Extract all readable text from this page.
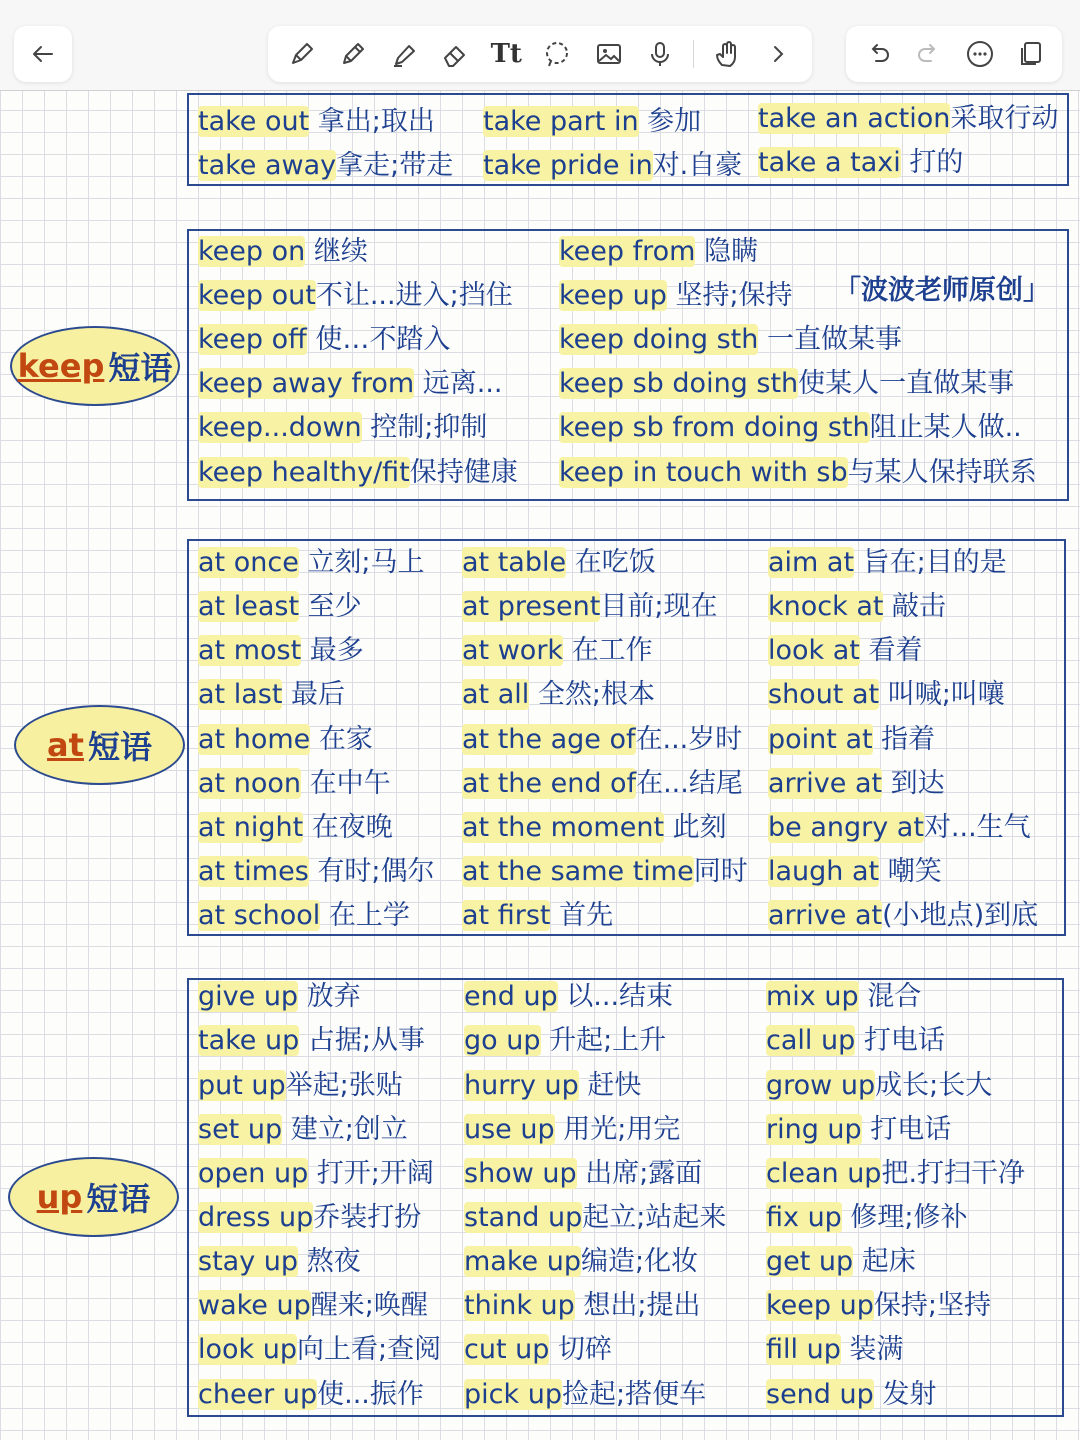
Tt
keep 短语
at 短语
up 短语
「波波老师原创」
take out 拿出;取出 take part in 参加 take an action采取行动
take away拿走;带走 take pride in对.自豪 take a taxi 打的
keep on 继续
keep out不让...进入;挡住
keep off 使…不踏入
keep away from 远离...
keep...down 控制;抑制
keep healthy/fit保持健康
keep from 隐瞒
keep up 坚持;保持
keep doing sth 一直做某事
keep sb doing sth使某人一直做某事
keep sb from doing sth阻止某人做..
keep in touch with sb与某人保持联系
at once 立刻;马上
at least 至少
at most 最多
at last 最后
at home 在家
at noon 在中午
at night 在夜晚
at times 有时;偶尔
at school 在上学
at table 在吃饭
at present目前;现在
at work 在工作
at all 全然;根本
at the age of在...岁时
at the end of在...结尾
at the moment 此刻
at the same time同时
at first 首先
aim at 旨在;目的是
knock at 敲击
look at 看着
shout at 叫喊;叫嚷
point at 指着
arrive at 到达
be angry at对...生气
laugh at 嘲笑
arrive at(小地点)到底
give up 放弃
take up 占据;从事
put up举起;张贴
set up 建立;创立
open up 打开;开阔
dress up乔装打扮
stay up 熬夜
wake up醒来;唤醒
look up向上看;查阅
cheer up使...振作
end up 以...结束
go up 升起;上升
hurry up 赶快
use up 用光;用完
show up 出席;露面
stand up起立;站起来
make up编造;化妆
think up 想出;提出
cut up 切碎
pick up捡起;搭便车
mix up 混合
call up 打电话
grow up成长;长大
ring up 打电话
clean up把.打扫干净
fix up 修理;修补
get up 起床
keep up保持;坚持
fill up 装满
send up 发射
